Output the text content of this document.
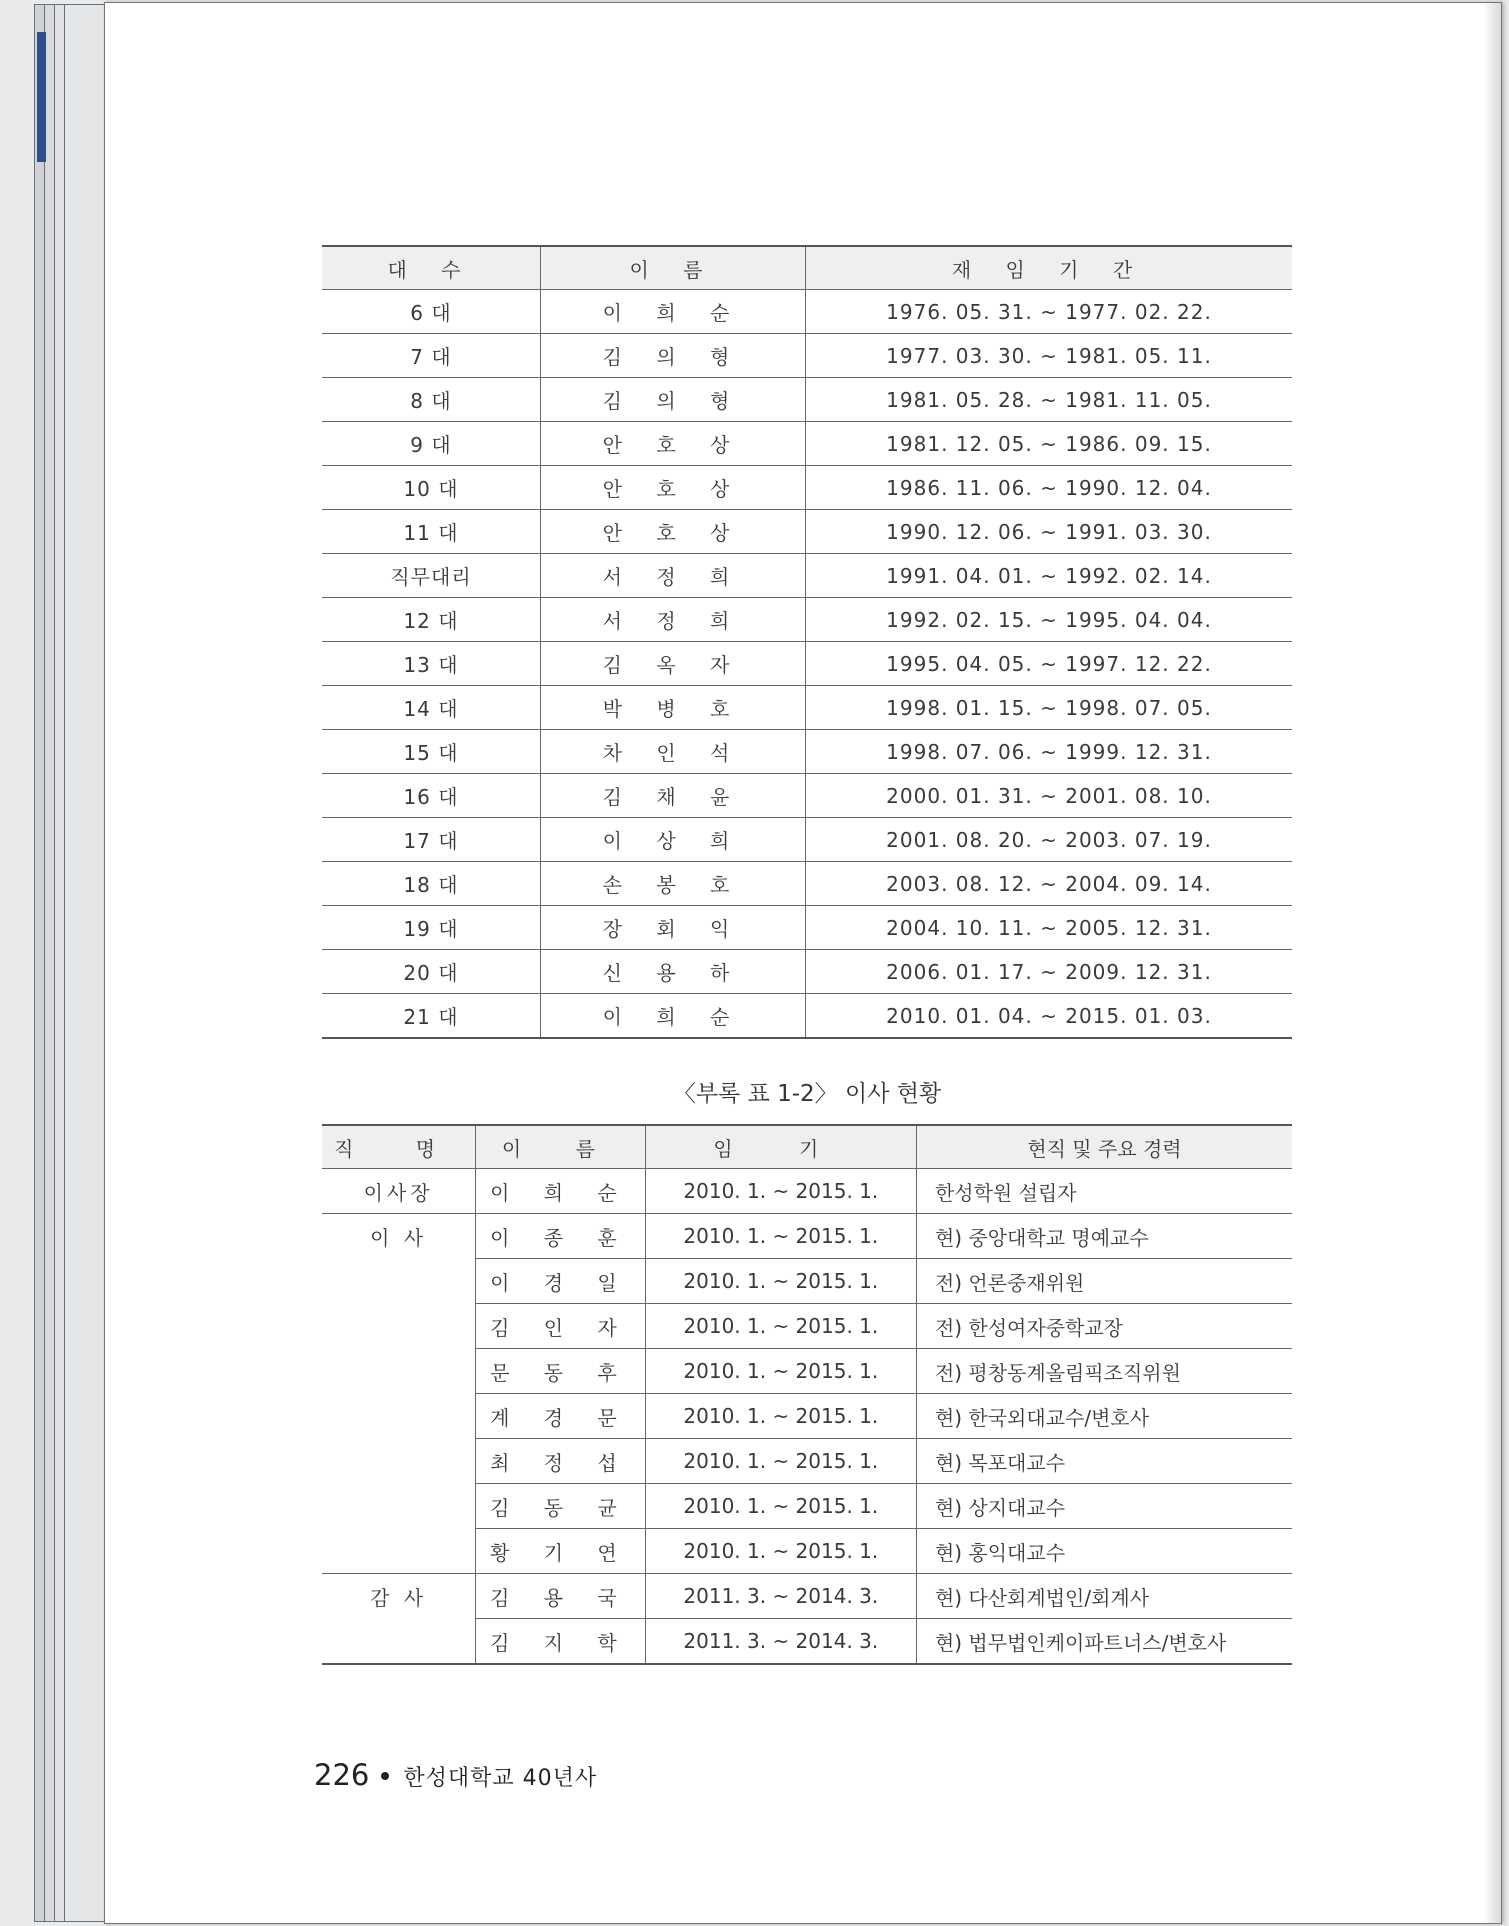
대 수	이 름	재 임 기 간
6 대	이 희 순	1976. 05. 31. ~ 1977. 02. 22.
7 대	김 의 형	1977. 03. 30. ~ 1981. 05. 11.
8 대	김 의 형	1981. 05. 28. ~ 1981. 11. 05.
9 대	안 호 상	1981. 12. 05. ~ 1986. 09. 15.
10 대	안 호 상	1986. 11. 06. ~ 1990. 12. 04.
11 대	안 호 상	1990. 12. 06. ~ 1991. 03. 30.
직무대리	서 정 희	1991. 04. 01. ~ 1992. 02. 14.
12 대	서 정 희	1992. 02. 15. ~ 1995. 04. 04.
13 대	김 옥 자	1995. 04. 05. ~ 1997. 12. 22.
14 대	박 병 호	1998. 01. 15. ~ 1998. 07. 05.
15 대	차 인 석	1998. 07. 06. ~ 1999. 12. 31.
16 대	김 채 윤	2000. 01. 31. ~ 2001. 08. 10.
17 대	이 상 희	2001. 08. 20. ~ 2003. 07. 19.
18 대	손 봉 호	2003. 08. 12. ~ 2004. 09. 14.
19 대	장 회 익	2004. 10. 11. ~ 2005. 12. 31.
20 대	신 용 하	2006. 01. 17. ~ 2009. 12. 31.
21 대	이 희 순	2010. 01. 04. ~ 2015. 01. 03.
〈부록 표 1-2〉 이사 현황
직 명	이 름	임 기	현직 및 주요 경력
이사장	이 희 순	2010. 1. ~ 2015. 1.	한성학원 설립자
이 사	이 종 훈	2010. 1. ~ 2015. 1.	현) 중앙대학교 명예교수
	이 경 일	2010. 1. ~ 2015. 1.	전) 언론중재위원
	김 인 자	2010. 1. ~ 2015. 1.	전) 한성여자중학교장
	문 동 후	2010. 1. ~ 2015. 1.	전) 평창동계올림픽조직위원
	계 경 문	2010. 1. ~ 2015. 1.	현) 한국외대교수/변호사
	최 정 섭	2010. 1. ~ 2015. 1.	현) 목포대교수
	김 동 균	2010. 1. ~ 2015. 1.	현) 상지대교수
	황 기 연	2010. 1. ~ 2015. 1.	현) 홍익대교수
감 사	김 용 국	2011. 3. ~ 2014. 3.	현) 다산회계법인/회계사
	김 지 학	2011. 3. ~ 2014. 3.	현) 법무법인케이파트너스/변호사
226 한성대학교 40년사
